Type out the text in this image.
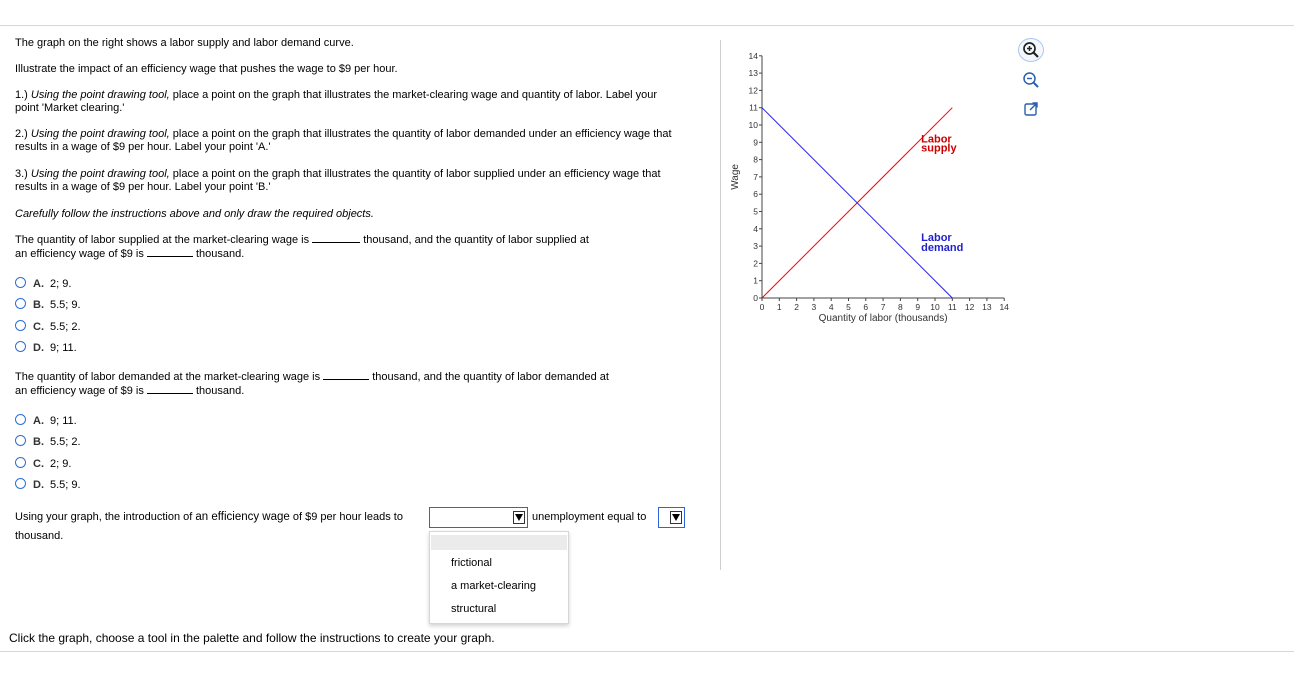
The graph on the right shows a labor supply and labor demand curve.
Illustrate the impact of an efficiency wage that pushes the wage to $9 per hour.
1.) Using the point drawing tool, place a point on the graph that illustrates the market-clearing wage and quantity of labor. Label your
point 'Market clearing.'
2.) Using the point drawing tool, place a point on the graph that illustrates the quantity of labor demanded under an efficiency wage that
results in a wage of $9 per hour. Label your point 'A.'
3.) Using the point drawing tool, place a point on the graph that illustrates the quantity of labor supplied under an efficiency wage that
results in a wage of $9 per hour. Label your point 'B.'
Carefully follow the instructions above and only draw the required objects.
The quantity of labor supplied at the market-clearing wage is	thousand, and the quantity of labor supplied at
an efficiency wage of $9 is	thousand.
A. 2; 9.
B. 5.5; 9.
C. 5.5; 2.
D. 9; 11.
The quantity of labor demanded at the market-clearing wage is	thousand, and the quantity of labor demanded at
an efficiency wage of $9 is	thousand.
A. 9; 11.
B. 5.5; 2.
C. 2; 9.
D. 5.5; 9.
Using your graph, the introduction of an efficiency wage of $9 per hour leads to	unemployment equal to
thousand.
frictional
a market-clearing
structural
0
1
2
3
4
5
6
7
8
9
10
11
12
13
14
0 1 2 3 4 5 6 7 8 9 10 11 12 13 14
Quantity of labor (thousands)
Wage
Labor
supply
Labor
demand
Click the graph, choose a tool in the palette and follow the instructions to create your graph.
